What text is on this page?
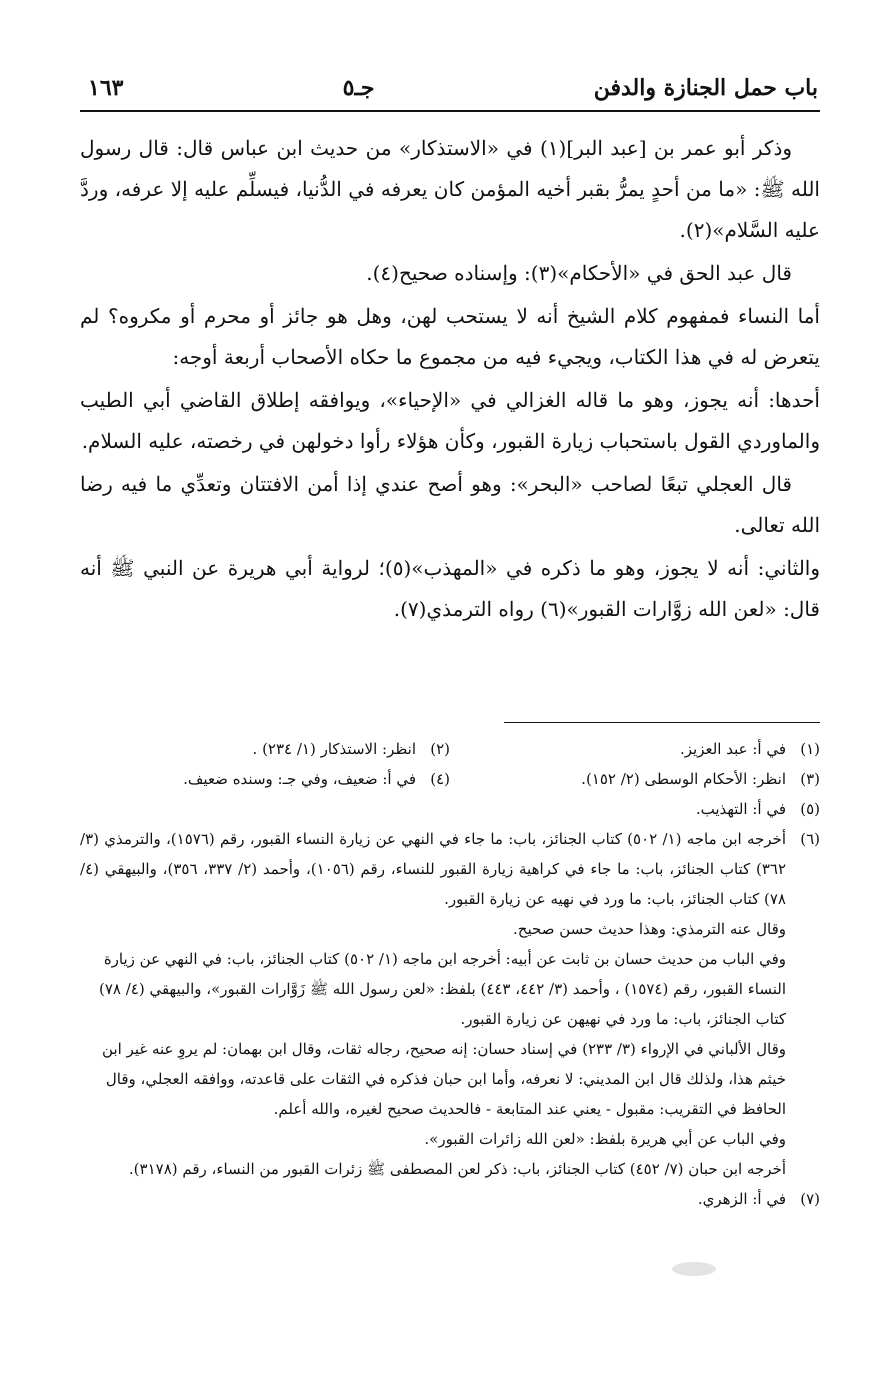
باب حمل الجنازة والدفن
جـ٥
١٦٣

وذكر أبو عمر بن [عبد البر](١) في «الاستذكار» من حديث ابن عباس قال: قال رسول الله ﷺ: «ما من أحدٍ يمرُّ بقبر أخيه المؤمن كان يعرفه في الدُّنيا، فيسلِّم عليه إلا عرفه، وردَّ عليه السَّلام»(٢).

قال عبد الحق في «الأحكام»(٣): وإسناده صحيح(٤).

أما النساء فمفهوم كلام الشيخ أنه لا يستحب لهن، وهل هو جائز أو محرم أو مكروه؟ لم يتعرض له في هذا الكتاب، ويجيء فيه من مجموع ما حكاه الأصحاب أربعة أوجه:

أحدها: أنه يجوز، وهو ما قاله الغزالي في «الإحياء»، ويوافقه إطلاق القاضي أبي الطيب والماوردي القول باستحباب زيارة القبور، وكأن هؤلاء رأوا دخولهن في رخصته، عليه السلام.

قال العجلي تبعًا لصاحب «البحر»: وهو أصح عندي إذا أمن الافتتان وتعدِّي ما فيه رضا الله تعالى.

والثاني: أنه لا يجوز، وهو ما ذكره في «المهذب»(٥)؛ لرواية أبي هريرة عن النبي ﷺ أنه قال: «لعن الله زوَّارات القبور»(٦) رواه الترمذي(٧).

(١)
في أ: عبد العزيز.
(٢)
انظر: الاستذكار (١/ ٢٣٤) .
(٣)
انظر: الأحكام الوسطى (٢/ ١٥٢).
(٤)
في أ: ضعيف، وفي جـ: وسنده ضعيف.
(٥)
في أ: التهذيب.
(٦)
أخرجه ابن ماجه (١/ ٥٠٢) كتاب الجنائز، باب: ما جاء في النهي عن زيارة النساء القبور، رقم (١٥٧٦)، والترمذي (٣/ ٣٦٢) كتاب الجنائز، باب: ما جاء في كراهية زيارة القبور للنساء، رقم (١٠٥٦)، وأحمد (٢/ ٣٣٧، ٣٥٦)، والبيهقي (٤/ ٧٨) كتاب الجنائز، باب: ما ورد في نهيه عن زيارة القبور.
وقال عنه الترمذي: وهذا حديث حسن صحيح.
وفي الباب من حديث حسان بن ثابت عن أبيه: أخرجه ابن ماجه (١/ ٥٠٢) كتاب الجنائز، باب: في النهي عن زيارة النساء القبور، رقم (١٥٧٤) ، وأحمد (٣/ ٤٤٢، ٤٤٣) بلفظ: «لعن رسول الله ﷺ زَوَّارات القبور»، والبيهقي (٤/ ٧٨) كتاب الجنائز، باب: ما ورد في نهيهن عن زيارة القبور.
وقال الألباني في الإرواء (٣/ ٢٣٣) في إسناد حسان: إنه صحيح، رجاله ثقات، وقال ابن بهمان: لم يروِ عنه غير ابن خيثم هذا، ولذلك قال ابن المديني: لا نعرفه، وأما ابن حبان فذكره في الثقات على قاعدته، ووافقه العجلي، وقال الحافظ في التقريب: مقبول - يعني عند المتابعة - فالحديث صحيح لغيره، والله أعلم.
وفي الباب عن أبي هريرة بلفظ: «لعن الله زائرات القبور».
أخرجه ابن حبان (٧/ ٤٥٢) كتاب الجنائز، باب: ذكر لعن المصطفى ﷺ زئرات القبور من النساء، رقم (٣١٧٨).
(٧)
في أ: الزهري.
